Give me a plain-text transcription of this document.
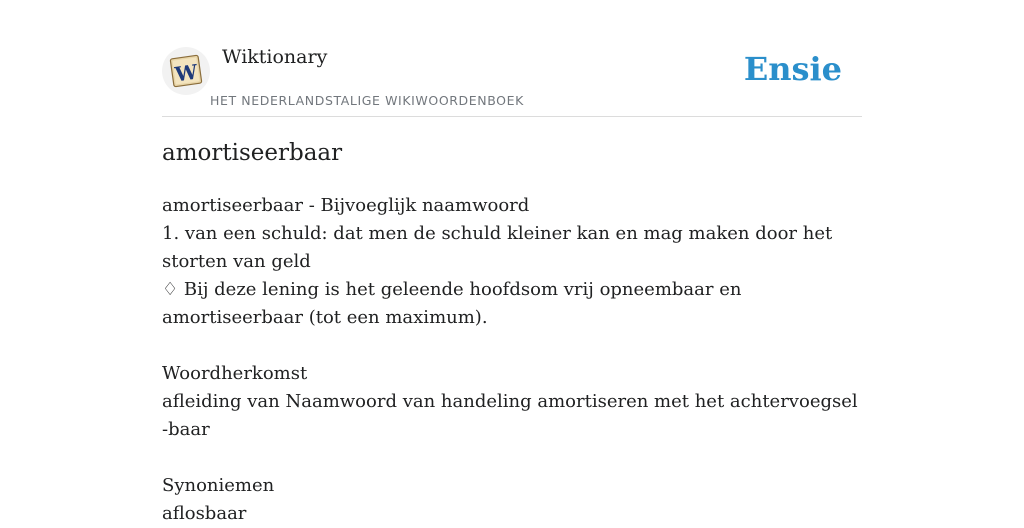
W
Wiktionary
HET NEDERLANDSTALIGE WIKIWOORDENBOEK
Ensie
amortiseerbaar

amortiseerbaar - Bijvoeglijk naamwoord

1. van een schuld: dat men de schuld kleiner kan en mag maken door het storten van geld

♢ Bij deze lening is het geleende hoofdsom vrij opneembaar en amortiseerbaar (tot een maximum).

Woordherkomst

afleiding van Naamwoord van handeling amortiseren met het achtervoegsel -baar

Synoniemen

aflosbaar
